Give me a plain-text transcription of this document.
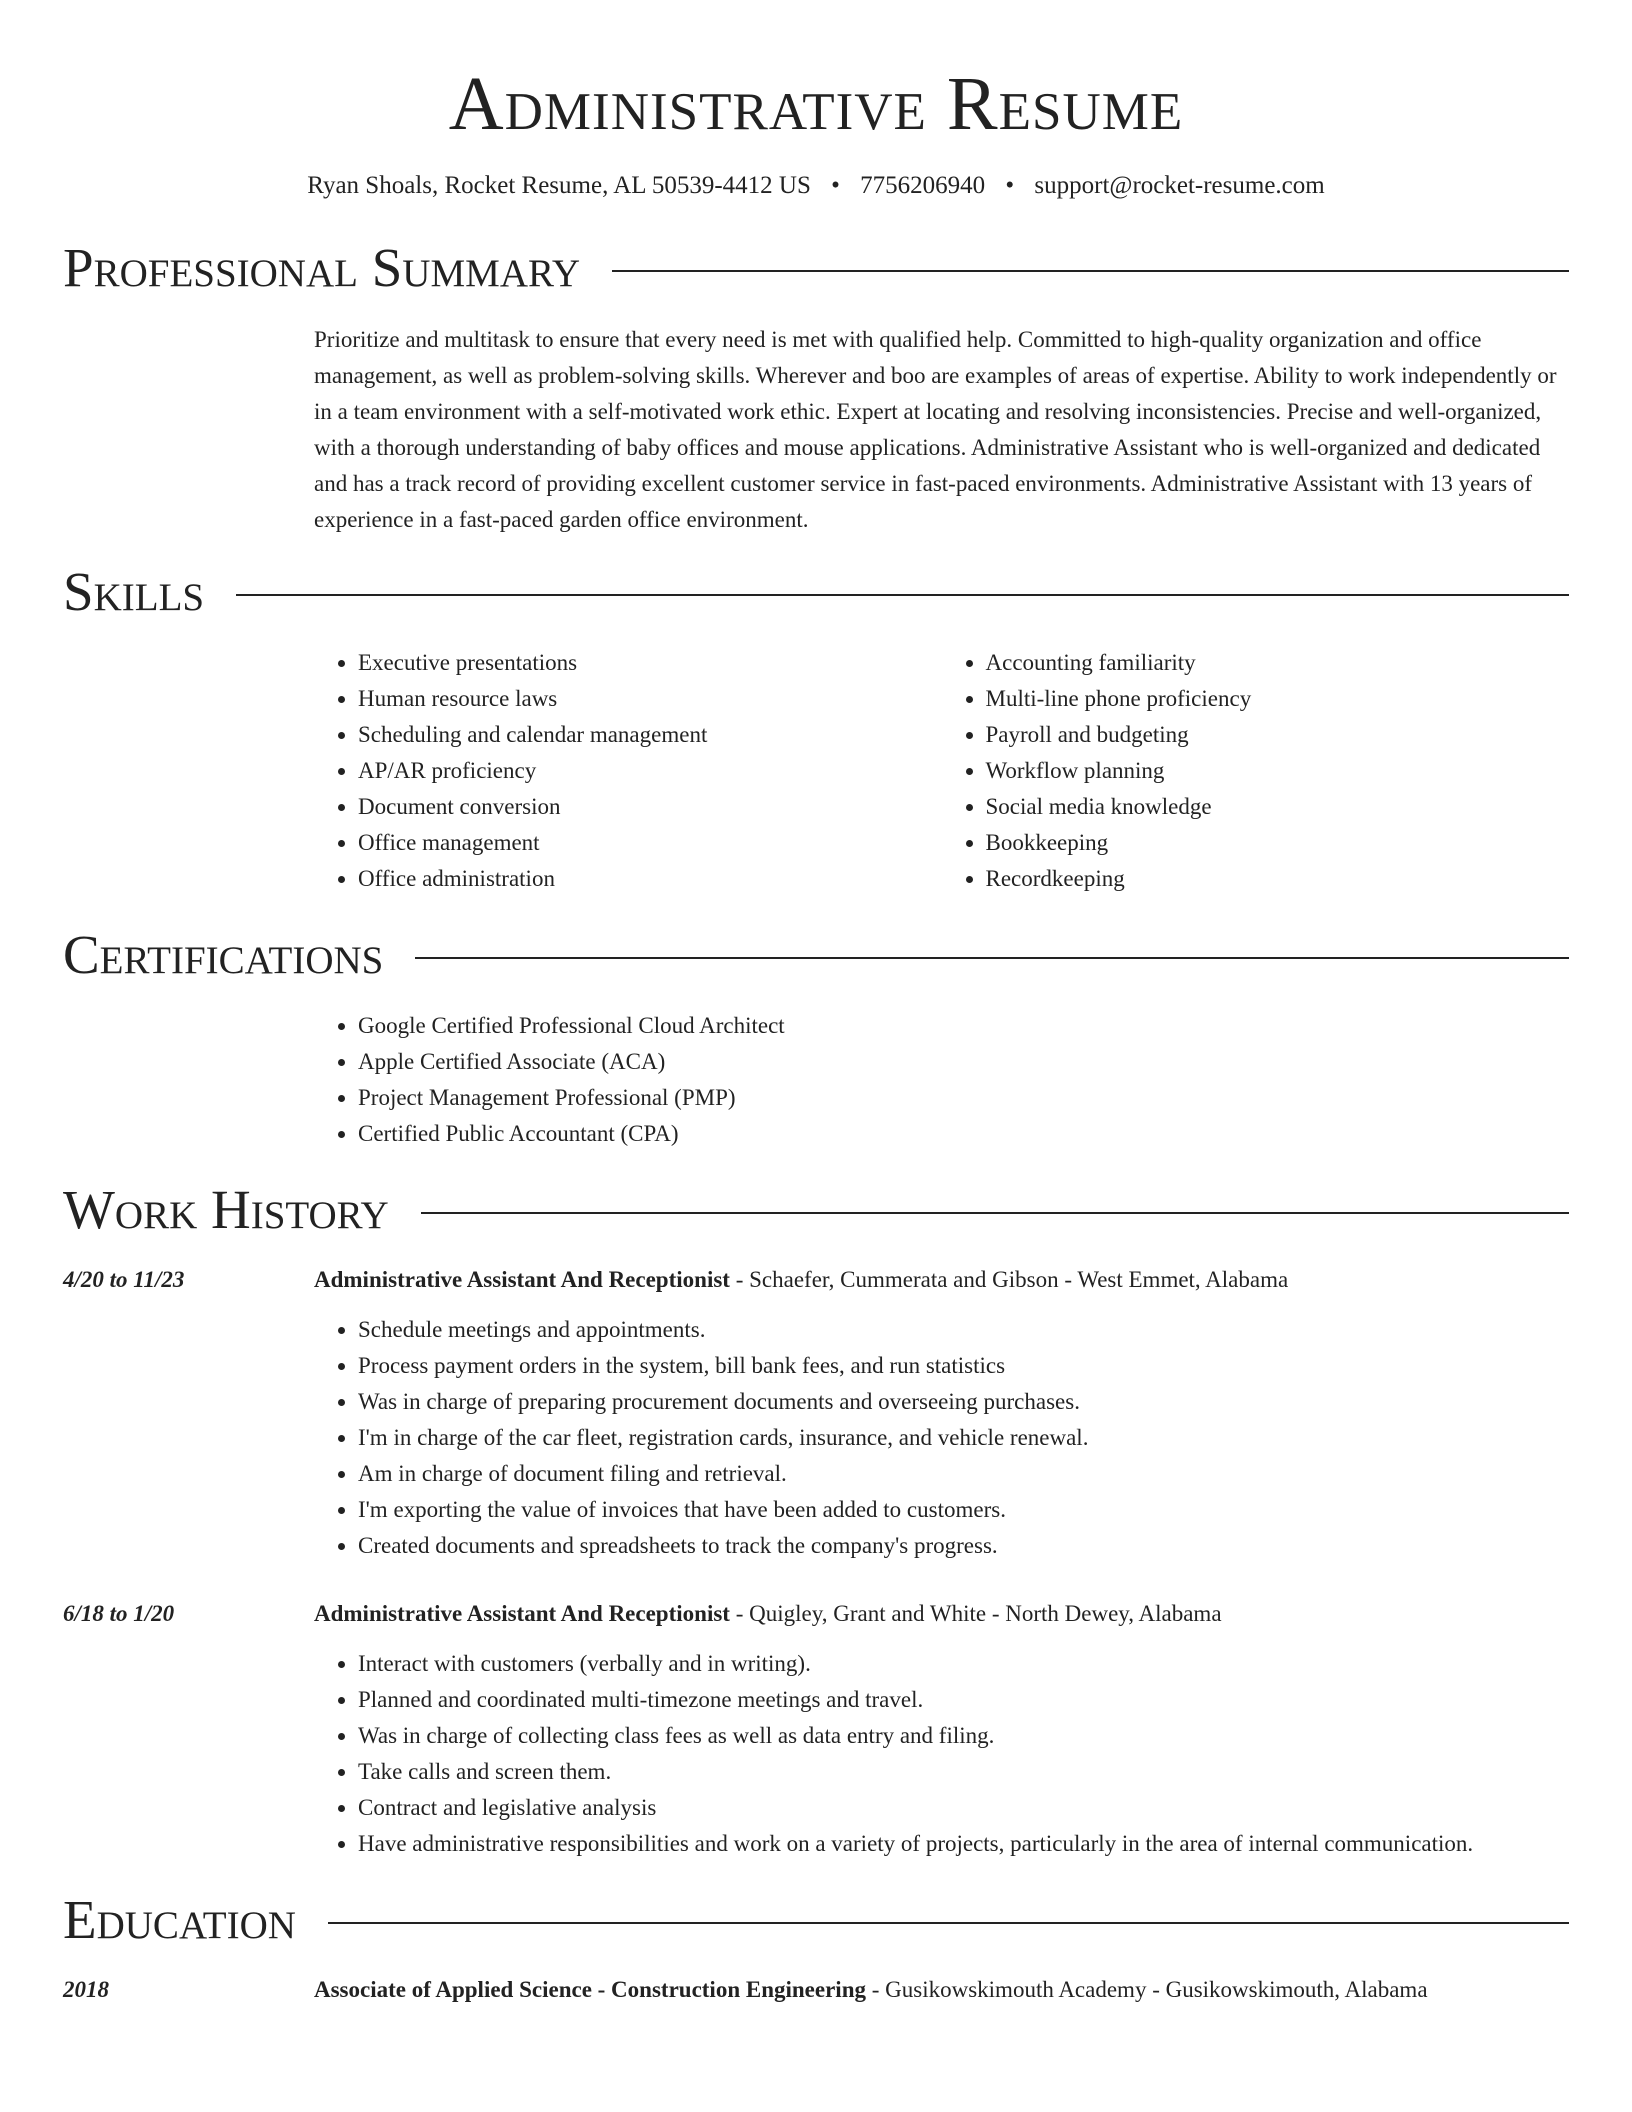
Administrative Resume
Ryan Shoals, Rocket Resume, AL 50539-4412 US • 7756206940 • support@rocket-resume.com
Professional Summary

Prioritize and multitask to ensure that every need is met with qualified help. Committed to high-quality organization and office management, as well as problem-solving skills. Wherever and boo are examples of areas of expertise. Ability to work independently or in a team environment with a self-motivated work ethic. Expert at locating and resolving inconsistencies. Precise and well-organized, with a thorough understanding of baby offices and mouse applications. Administrative Assistant who is well-organized and dedicated and has a track record of providing excellent customer service in fast-paced environments. Administrative Assistant with 13 years of experience in a fast-paced garden office environment.

Skills
• Executive presentations
• Human resource laws
• Scheduling and calendar management
• AP/AR proficiency
• Document conversion
• Office management
• Office administration
• Accounting familiarity
• Multi-line phone proficiency
• Payroll and budgeting
• Workflow planning
• Social media knowledge
• Bookkeeping
• Recordkeeping
Certifications
• Google Certified Professional Cloud Architect
• Apple Certified Associate (ACA)
• Project Management Professional (PMP)
• Certified Public Accountant (CPA)
Work History
4/20 to 11/23	Administrative Assistant And Receptionist - Schaefer, Cummerata and Gibson - West Emmet, Alabama
• Schedule meetings and appointments.
• Process payment orders in the system, bill bank fees, and run statistics
• Was in charge of preparing procurement documents and overseeing purchases.
• I'm in charge of the car fleet, registration cards, insurance, and vehicle renewal.
• Am in charge of document filing and retrieval.
• I'm exporting the value of invoices that have been added to customers.
• Created documents and spreadsheets to track the company's progress.
6/18 to 1/20	Administrative Assistant And Receptionist - Quigley, Grant and White - North Dewey, Alabama
• Interact with customers (verbally and in writing).
• Planned and coordinated multi-timezone meetings and travel.
• Was in charge of collecting class fees as well as data entry and filing.
• Take calls and screen them.
• Contract and legislative analysis
• Have administrative responsibilities and work on a variety of projects, particularly in the area of internal communication.
Education
2018	Associate of Applied Science - Construction Engineering - Gusikowskimouth Academy - Gusikowskimouth, Alabama
